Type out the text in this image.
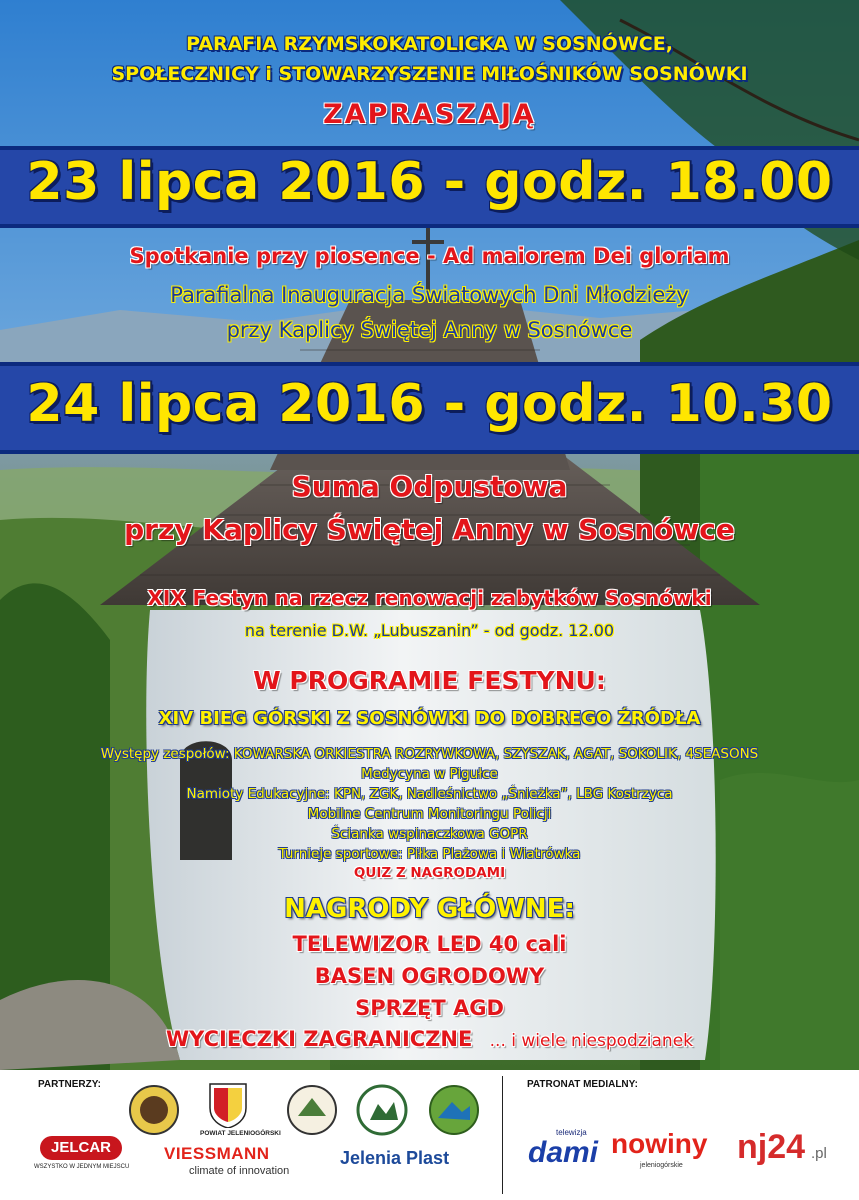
PARAFIA RZYMSKOKATOLICKA W SOSNÓWCE,
SPOŁECZNICY i STOWARZYSZENIE MIŁOŚNIKÓW SOSNÓWKI
ZAPRASZAJĄ
23 lipca 2016 - godz. 18.00
Spotkanie przy piosence - Ad maiorem Dei gloriam
Parafialna Inauguracja Światowych Dni Młodzieży
przy Kaplicy Świętej Anny w Sosnówce
24 lipca 2016 - godz. 10.30
Suma Odpustowa
przy Kaplicy Świętej Anny w Sosnówce
XIX Festyn na rzecz renowacji zabytków Sosnówki
na terenie D.W. „Lubuszanin” - od godz. 12.00
W PROGRAMIE FESTYNU:
XIV BIEG GÓRSKI Z SOSNÓWKI DO DOBREGO ŹRÓDŁA
Występy zespołów: KOWARSKA ORKIESTRA ROZRYWKOWA, SZYSZAK, AGAT, SOKOLIK, 4SEASONS
Medycyna w Pigułce
Namioty Edukacyjne: KPN, ZGK, Nadleśnictwo „Śnieżka”, LBG Kostrzyca
Mobilne Centrum Monitoringu Policji
Ścianka wspinaczkowa GOPR
Turnieje sportowe: Piłka Plażowa i Wiatrówka
QUIZ Z NAGRODAMI
NAGRODY GŁÓWNE:
TELEWIZOR LED 40 cali
BASEN OGRODOWY
SPRZĘT AGD
WYCIECZKI ZAGRANICZNE ... i wiele niespodzianek
PARTNERZY:	PATRONAT MEDIALNY:
POWIAT JELENIOGÓRSKI
JELCAR
WSZYSTKO W JEDNYM MIEJSCU
VIESSMANN
climate of innovation
Jelenia Plast
telewizja
dami nowiny
jeleniogórskie nj24 .pl
